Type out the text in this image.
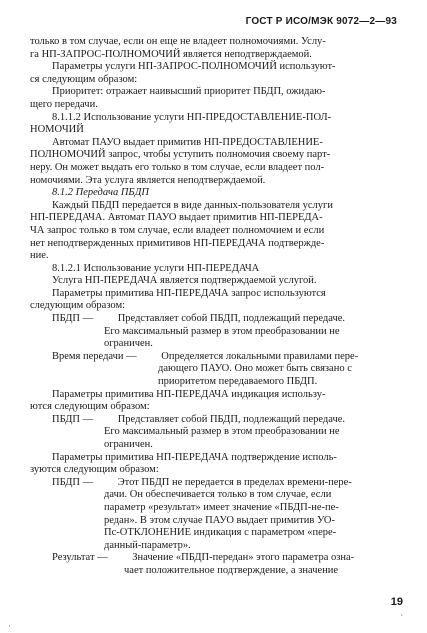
ГОСТ Р ИСО/МЭК 9072—2—93

только в том случае, если он еще не владеет полномочиями. Услу-

га НП-ЗАПРОС-ПОЛНОМОЧИЙ является неподтверждаемой.

Параметры услуги НП-ЗАПРОС-ПОЛНОМОЧИЙ используют-

ся следующим образом:

Приоритет: отражает наивысший приоритет ПБДП, ожидаю-

щего передачи.

8.1.1.2 Использование услуги НП-ПРЕДОСТАВЛЕНИЕ-ПОЛ-

НОМОЧИЙ

Автомат ПАУО выдает примитив НП-ПРЕДОСТАВЛЕНИЕ-

ПОЛНОМОЧИЙ запрос, чтобы уступить полномочия своему парт-

неру. Он может выдать его только в том случае, если владеет пол-

номочиями. Эта услуга является неподтверждаемой.

8.1.2 Передача ПБДП

Каждый ПБДП передается в виде данных-пользователя услуги

НП-ПЕРЕДАЧА. Автомат ПАУО выдает примитив НП-ПЕРЕДА-

ЧА запрос только в том случае, если владеет полномочием и если

нет неподтвержденных примитивов НП-ПЕРЕДАЧА подтвержде-

ние.

8.1.2.1 Использование услуги НП-ПЕРЕДАЧА

Услуга НП-ПЕРЕДАЧА является подтверждаемой услугой.

Параметры примитива НП-ПЕРЕДАЧА запрос используются

следующим образом:

ПБДП —	Представляет собой ПБДП, подлежащий передаче.

Его максимальный размер в этом преобразовании не

ограничен.

Время передачи —	Определяется локальными правилами пере-

дающего ПАУО. Оно может быть связано с

приоритетом передаваемого ПБДП.

Параметры примитива НП-ПЕРЕДАЧА индикация использу-

ются следующим образом:

ПБДП —	Представляет собой ПБДП, подлежащий передаче.

Его максимальный размер в этом преобразовании не

ограничен.

Параметры примитива НП-ПЕРЕДАЧА подтверждение исполь-

зуются следующим образом:

ПБДП —	Этот ПБДП не передается в пределах времени-пере-

дачи. Он обеспечивается только в том случае, если

параметр «результат» имеет значение «ПБДП-не-пе-

редан». В этом случае ПАУО выдает примитив УО-

Пс-ОТКЛОНЕНИЕ индикация с параметром «пере-

данный-параметр».

Результат —	Значение «ПБДП-передан» этого параметра озна-

чает положительное подтверждение, а значение

19
·
`
